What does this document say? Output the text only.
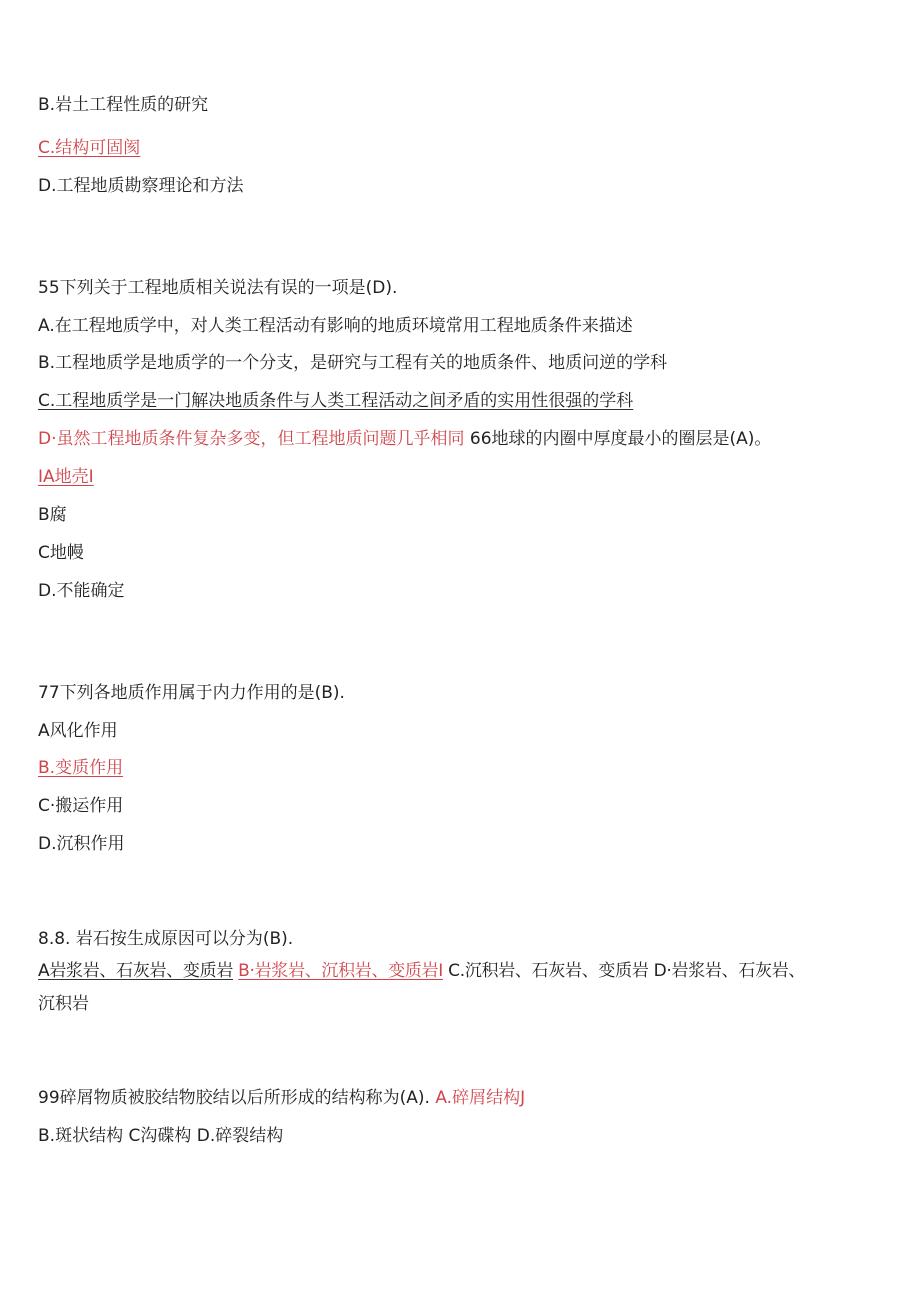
B.岩土工程性质的研究
C.结构可固阂
D.工程地质勘察理论和方法
55下列关于工程地质相关说法有误的一项是(D).
A.在工程地质学中，对人类工程活动有影响的地质环境常用工程地质条件来描述
B.工程地质学是地质学的一个分支，是研究与工程有关的地质条件、地质问逆的学科
C.工程地质学是一门解决地质条件与人类工程活动之间矛盾的实用性很强的学科
D·虽然工程地质条件复杂多变，但工程地质问题几乎相同 66地球的内圈中厚度最小的圈层是(A)。
IA地壳I
B腐
C地幔
D.不能确定
77下列各地质作用属于内力作用的是(B).
A风化作用
B.变质作用
C·搬运作用
D.沉积作用
8.8. 岩石按生成原因可以分为(B).
A岩浆岩、石灰岩、变质岩 B·岩浆岩、沉积岩、变质岩I C.沉积岩、石灰岩、变质岩 D·岩浆岩、石灰岩、
沉积岩
99碎屑物质被胶结物胶结以后所形成的结构称为(A). A.碎屑结构J
B.斑状结构 C沟碟构 D.碎裂结构
